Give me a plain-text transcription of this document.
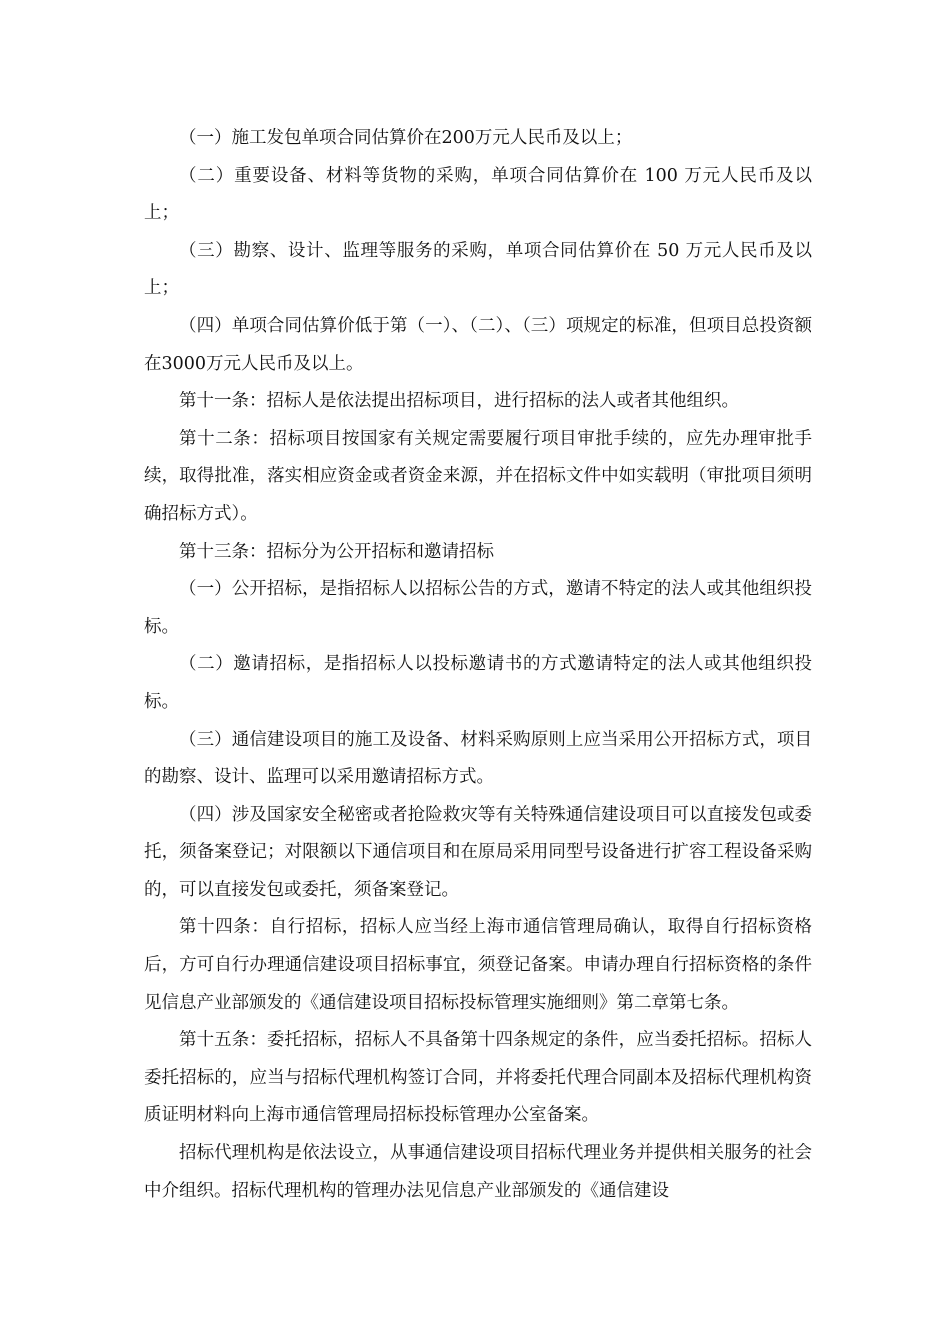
（一）施工发包单项合同估算价在200万元人民币及以上；

（二）重要设备、材料等货物的采购，单项合同估算价在 100 万元人民币及以上；

（三）勘察、设计、监理等服务的采购，单项合同估算价在 50 万元人民币及以上；

（四）单项合同估算价低于第（一）、（二）、（三）项规定的标准，但项目总投资额在3000万元人民币及以上。

第十一条：招标人是依法提出招标项目，进行招标的法人或者其他组织。

第十二条：招标项目按国家有关规定需要履行项目审批手续的，应先办理审批手续，取得批准，落实相应资金或者资金来源，并在招标文件中如实载明（审批项目须明确招标方式）。

第十三条：招标分为公开招标和邀请招标

（一）公开招标，是指招标人以招标公告的方式，邀请不特定的法人或其他组织投标。

（二）邀请招标，是指招标人以投标邀请书的方式邀请特定的法人或其他组织投标。

（三）通信建设项目的施工及设备、材料采购原则上应当采用公开招标方式，项目的勘察、设计、监理可以采用邀请招标方式。

（四）涉及国家安全秘密或者抢险救灾等有关特殊通信建设项目可以直接发包或委托，须备案登记；对限额以下通信项目和在原局采用同型号设备进行扩容工程设备采购的，可以直接发包或委托，须备案登记。

第十四条：自行招标，招标人应当经上海市通信管理局确认，取得自行招标资格后，方可自行办理通信建设项目招标事宜，须登记备案。申请办理自行招标资格的条件见信息产业部颁发的《通信建设项目招标投标管理实施细则》第二章第七条。

第十五条：委托招标，招标人不具备第十四条规定的条件，应当委托招标。招标人委托招标的，应当与招标代理机构签订合同，并将委托代理合同副本及招标代理机构资质证明材料向上海市通信管理局招标投标管理办公室备案。

招标代理机构是依法设立，从事通信建设项目招标代理业务并提供相关服务的社会中介组织。招标代理机构的管理办法见信息产业部颁发的《通信建设
